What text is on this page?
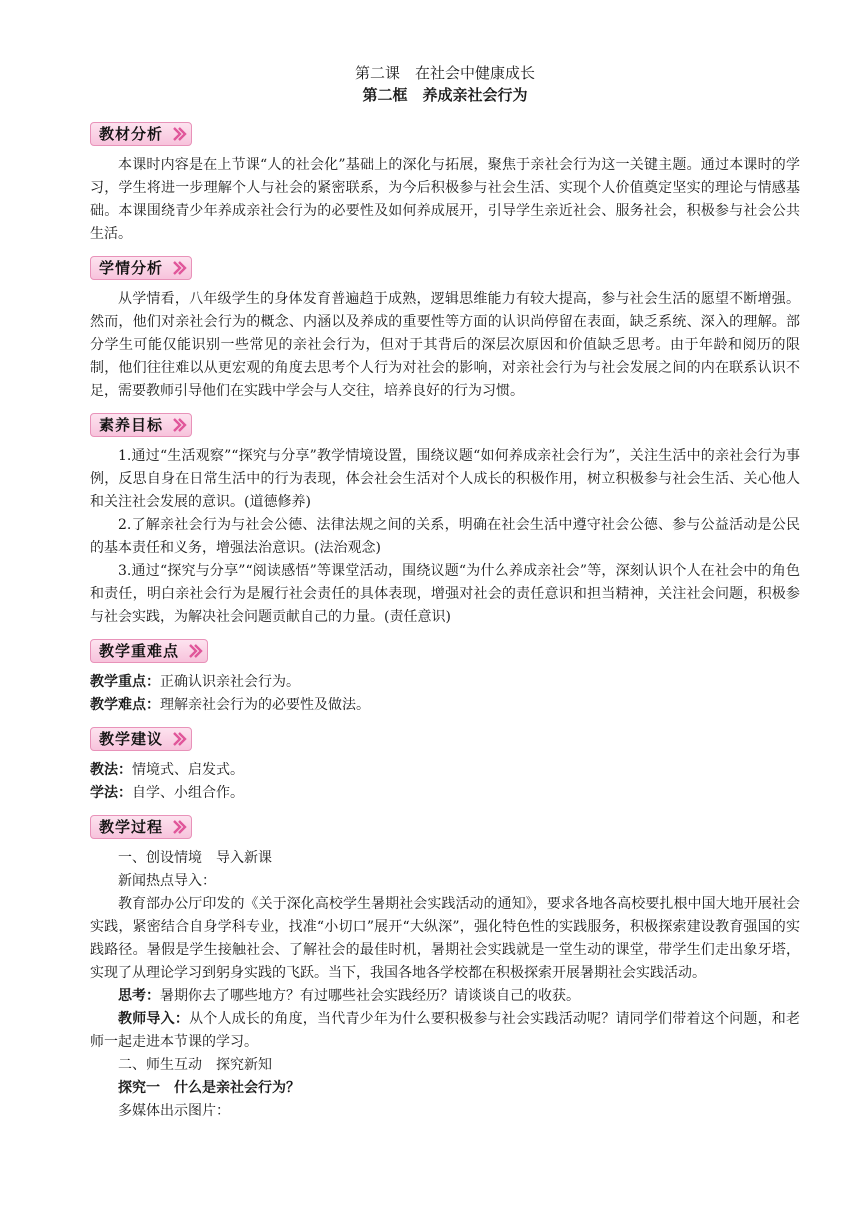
第二课　在社会中健康成长

第二框　养成亲社会行为

教材分析

本课时内容是在上节课“人的社会化”基础上的深化与拓展，聚焦于亲社会行为这一关键主题。通过本课时的学习，学生将进一步理解个人与社会的紧密联系，为今后积极参与社会生活、实现个人价值奠定坚实的理论与情感基础。本课围绕青少年养成亲社会行为的必要性及如何养成展开，引导学生亲近社会、服务社会，积极参与社会公共生活。

学情分析

从学情看，八年级学生的身体发育普遍趋于成熟，逻辑思维能力有较大提高，参与社会生活的愿望不断增强。然而，他们对亲社会行为的概念、内涵以及养成的重要性等方面的认识尚停留在表面，缺乏系统、深入的理解。部分学生可能仅能识别一些常见的亲社会行为，但对于其背后的深层次原因和价值缺乏思考。由于年龄和阅历的限制，他们往往难以从更宏观的角度去思考个人行为对社会的影响，对亲社会行为与社会发展之间的内在联系认识不足，需要教师引导他们在实践中学会与人交往，培养良好的行为习惯。

素养目标

1.通过“生活观察”“探究与分享”教学情境设置，围绕议题“如何养成亲社会行为”，关注生活中的亲社会行为事例，反思自身在日常生活中的行为表现，体会社会生活对个人成长的积极作用，树立积极参与社会生活、关心他人和关注社会发展的意识。(道德修养)

2.了解亲社会行为与社会公德、法律法规之间的关系，明确在社会生活中遵守社会公德、参与公益活动是公民的基本责任和义务，增强法治意识。(法治观念)

3.通过“探究与分享”“阅读感悟”等课堂活动，围绕议题“为什么养成亲社会”等，深刻认识个人在社会中的角色和责任，明白亲社会行为是履行社会责任的具体表现，增强对社会的责任意识和担当精神，关注社会问题，积极参与社会实践，为解决社会问题贡献自己的力量。(责任意识)

教学重难点

教学重点：正确认识亲社会行为。

教学难点：理解亲社会行为的必要性及做法。

教学建议

教法：情境式、启发式。

学法：自学、小组合作。

教学过程

一、创设情境　导入新课

新闻热点导入：

教育部办公厅印发的《关于深化高校学生暑期社会实践活动的通知》，要求各地各高校要扎根中国大地开展社会实践，紧密结合自身学科专业，找准“小切口”展开“大纵深”，强化特色性的实践服务，积极探索建设教育强国的实践路径。暑假是学生接触社会、了解社会的最佳时机，暑期社会实践就是一堂生动的课堂，带学生们走出象牙塔，实现了从理论学习到躬身实践的飞跃。当下，我国各地各学校都在积极探索开展暑期社会实践活动。

思考：暑期你去了哪些地方？有过哪些社会实践经历？请谈谈自己的收获。

教师导入：从个人成长的角度，当代青少年为什么要积极参与社会实践活动呢？请同学们带着这个问题，和老师一起走进本节课的学习。

二、师生互动　探究新知

探究一　什么是亲社会行为？

多媒体出示图片：
